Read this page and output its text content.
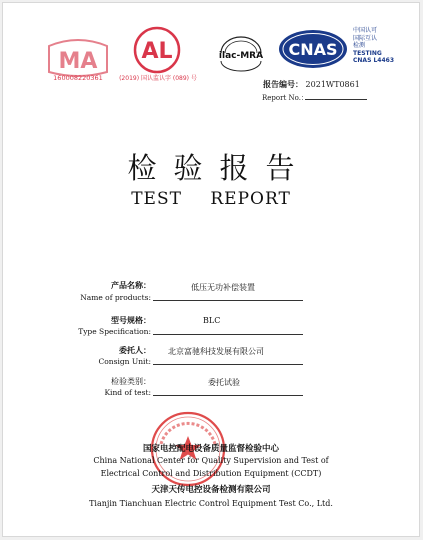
MA
160008220361
AL
(2019) 国认监认字 (089) 号
ilac-MRA CNAS
中国认可
国际互认
检测
TESTING
CNAS L4463
报告编号： 2021WT0861
Report No.：
检验报告
TEST REPORT
产品名称：
Name of products:
低压无功补偿装置
型号规格：
Type Specification:
BLC
委托人：
Consign Unit:
北京富驰科技发展有限公司
检验类别：
Kind of test:
委托试验
国家电控配电设备质量监督检验中心
China National Center for Quality Supervision and Test of
Electrical Control and Distribution Equipment (CCDT)
天津天传电控设备检测有限公司
Tianjin Tianchuan Electric Control Equipment Test Co., Ltd.
